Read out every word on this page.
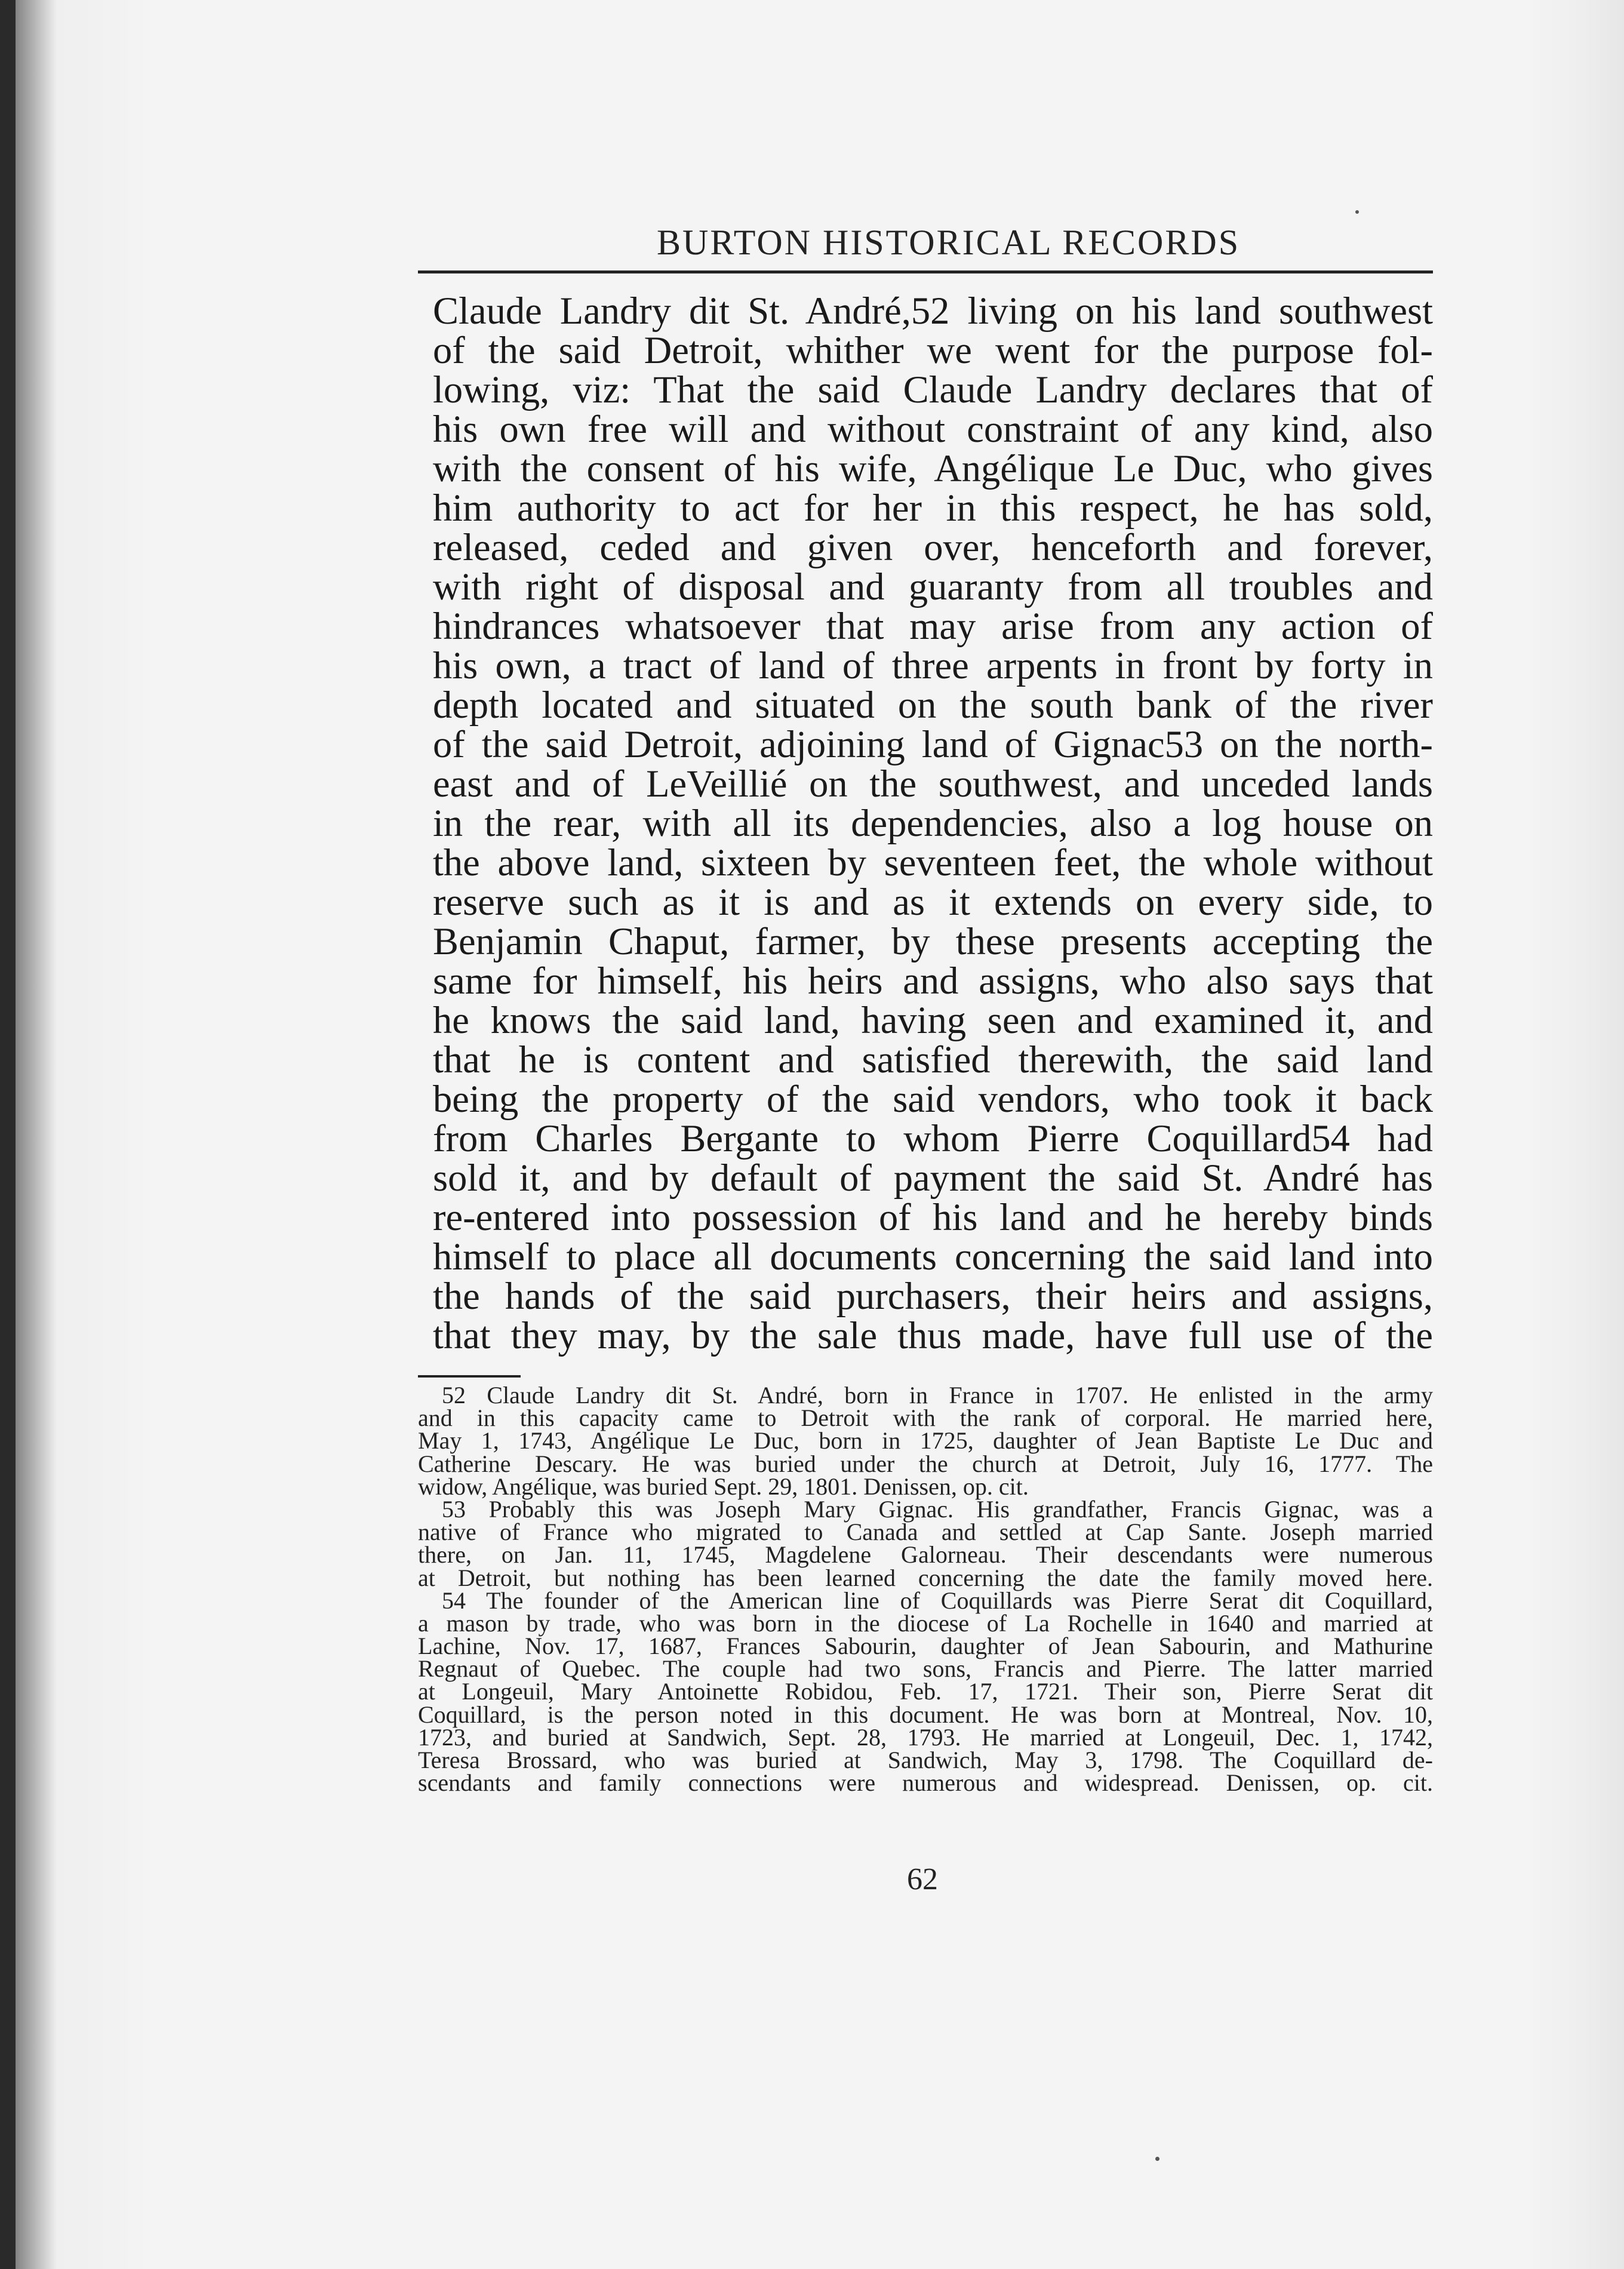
BURTON HISTORICAL RECORDS
Claude Landry dit St. André,52 living on his land southwest
of the said Detroit, whither we went for the purpose fol-
lowing, viz: That the said Claude Landry declares that of
his own free will and without constraint of any kind, also
with the consent of his wife, Angélique Le Duc, who gives
him authority to act for her in this respect, he has sold,
released, ceded and given over, henceforth and forever,
with right of disposal and guaranty from all troubles and
hindrances whatsoever that may arise from any action of
his own, a tract of land of three arpents in front by forty in
depth located and situated on the south bank of the river
of the said Detroit, adjoining land of Gignac53 on the north-
east and of LeVeillié on the southwest, and unceded lands
in the rear, with all its dependencies, also a log house on
the above land, sixteen by seventeen feet, the whole without
reserve such as it is and as it extends on every side, to
Benjamin Chaput, farmer, by these presents accepting the
same for himself, his heirs and assigns, who also says that
he knows the said land, having seen and examined it, and
that he is content and satisfied therewith, the said land
being the property of the said vendors, who took it back
from Charles Bergante to whom Pierre Coquillard54 had
sold it, and by default of payment the said St. André has
re-entered into possession of his land and he hereby binds
himself to place all documents concerning the said land into
the hands of the said purchasers, their heirs and assigns,
that they may, by the sale thus made, have full use of the
52 Claude Landry dit St. André, born in France in 1707. He enlisted in the army
and in this capacity came to Detroit with the rank of corporal. He married here,
May 1, 1743, Angélique Le Duc, born in 1725, daughter of Jean Baptiste Le Duc and
Catherine Descary. He was buried under the church at Detroit, July 16, 1777. The
widow, Angélique, was buried Sept. 29, 1801. Denissen, op. cit.
53 Probably this was Joseph Mary Gignac. His grandfather, Francis Gignac, was a
native of France who migrated to Canada and settled at Cap Sante. Joseph married
there, on Jan. 11, 1745, Magdelene Galorneau. Their descendants were numerous
at Detroit, but nothing has been learned concerning the date the family moved here.
54 The founder of the American line of Coquillards was Pierre Serat dit Coquillard,
a mason by trade, who was born in the diocese of La Rochelle in 1640 and married at
Lachine, Nov. 17, 1687, Frances Sabourin, daughter of Jean Sabourin, and Mathurine
Regnaut of Quebec. The couple had two sons, Francis and Pierre. The latter married
at Longeuil, Mary Antoinette Robidou, Feb. 17, 1721. Their son, Pierre Serat dit
Coquillard, is the person noted in this document. He was born at Montreal, Nov. 10,
1723, and buried at Sandwich, Sept. 28, 1793. He married at Longeuil, Dec. 1, 1742,
Teresa Brossard, who was buried at Sandwich, May 3, 1798. The Coquillard de-
scendants and family connections were numerous and widespread. Denissen, op. cit.
62
